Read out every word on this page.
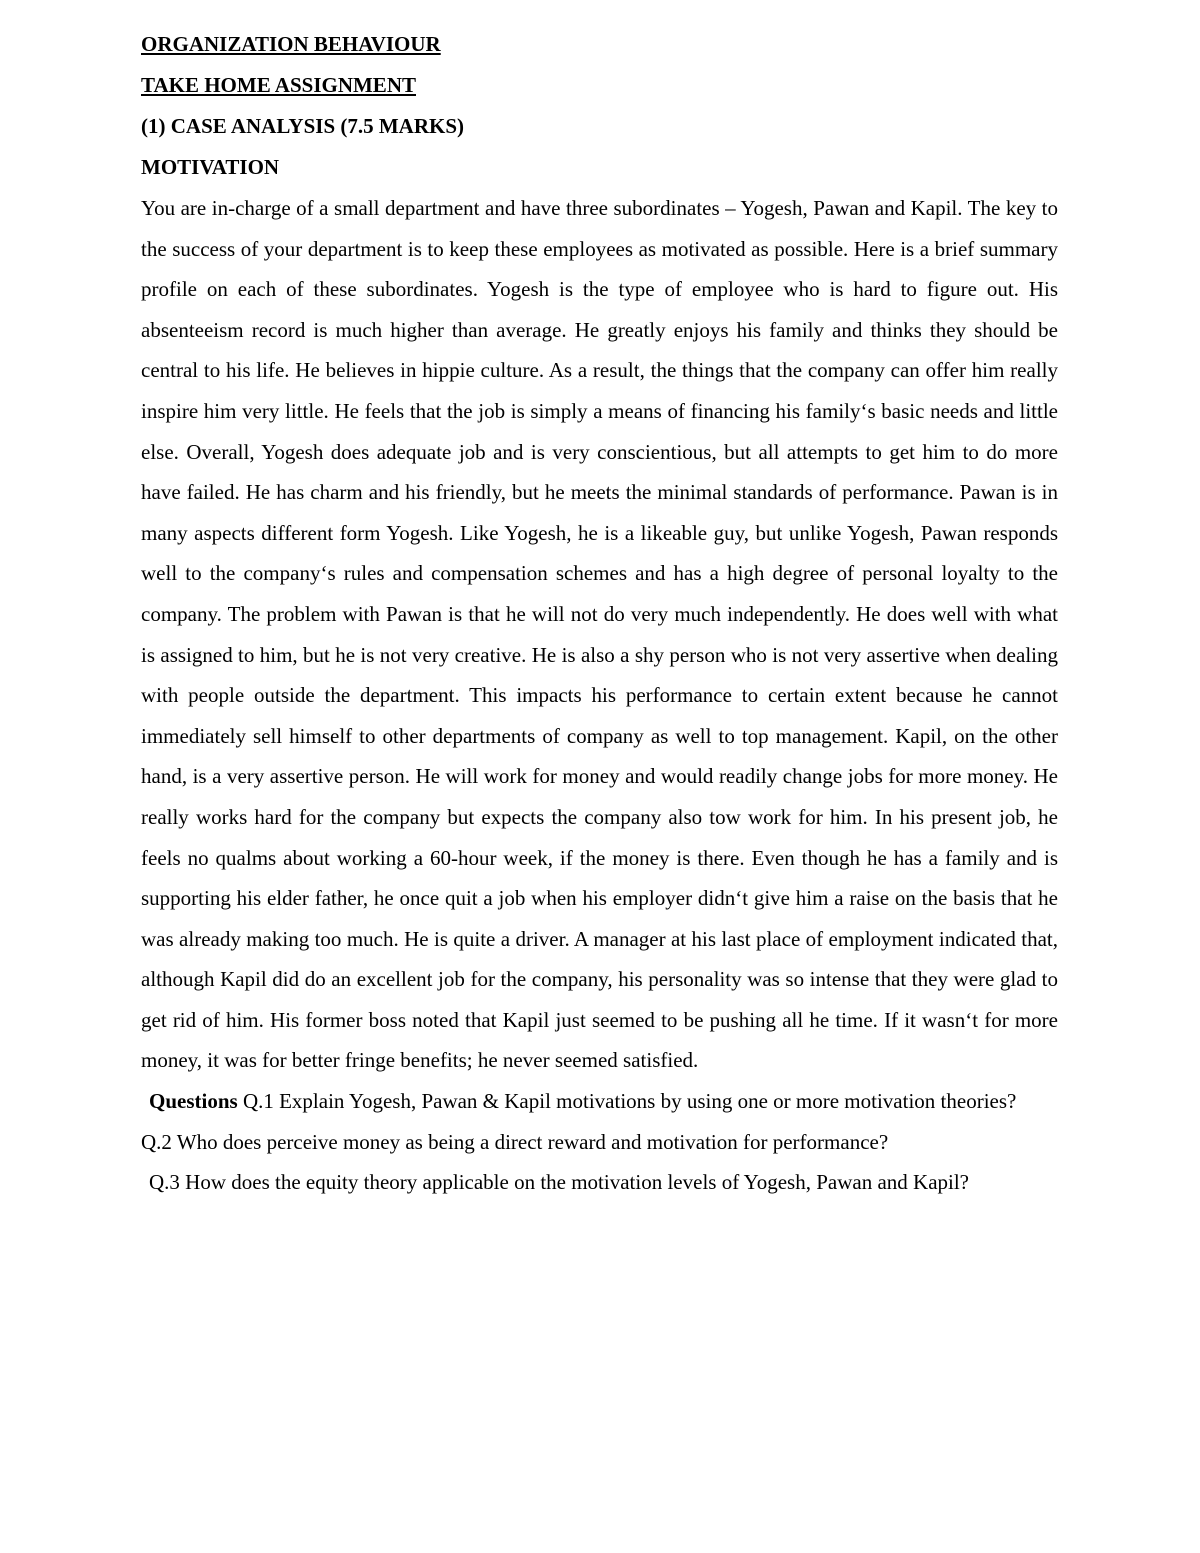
ORGANIZATION BEHAVIOUR

TAKE HOME ASSIGNMENT

(1) CASE ANALYSIS (7.5 MARKS)

MOTIVATION

You are in-charge of a small department and have three subordinates – Yogesh, Pawan and Kapil. The key to the success of your department is to keep these employees as motivated as possible. Here is a brief summary profile on each of these subordinates. Yogesh is the type of employee who is hard to figure out. His absenteeism record is much higher than average. He greatly enjoys his family and thinks they should be central to his life. He believes in hippie culture. As a result, the things that the company can offer him really inspire him very little. He feels that the job is simply a means of financing his family‘s basic needs and little else. Overall, Yogesh does adequate job and is very conscientious, but all attempts to get him to do more have failed. He has charm and his friendly, but he meets the minimal standards of performance. Pawan is in many aspects different form Yogesh. Like Yogesh, he is a likeable guy, but unlike Yogesh, Pawan responds well to the company‘s rules and compensation schemes and has a high degree of personal loyalty to the company. The problem with Pawan is that he will not do very much independently. He does well with what is assigned to him, but he is not very creative. He is also a shy person who is not very assertive when dealing with people outside the department. This impacts his performance to certain extent because he cannot immediately sell himself to other departments of company as well to top management. Kapil, on the other hand, is a very assertive person. He will work for money and would readily change jobs for more money. He really works hard for the company but expects the company also tow work for him. In his present job, he feels no qualms about working a 60-hour week, if the money is there. Even though he has a family and is supporting his elder father, he once quit a job when his employer didn‘t give him a raise on the basis that he was already making too much. He is quite a driver. A manager at his last place of employment indicated that, although Kapil did do an excellent job for the company, his personality was so intense that they were glad to get rid of him. His former boss noted that Kapil just seemed to be pushing all he time. If it wasn‘t for more money, it was for better fringe benefits; he never seemed satisfied.

Questions Q.1 Explain Yogesh, Pawan & Kapil motivations by using one or more motivation theories?

Q.2 Who does perceive money as being a direct reward and motivation for performance?

Q.3 How does the equity theory applicable on the motivation levels of Yogesh, Pawan and Kapil?
